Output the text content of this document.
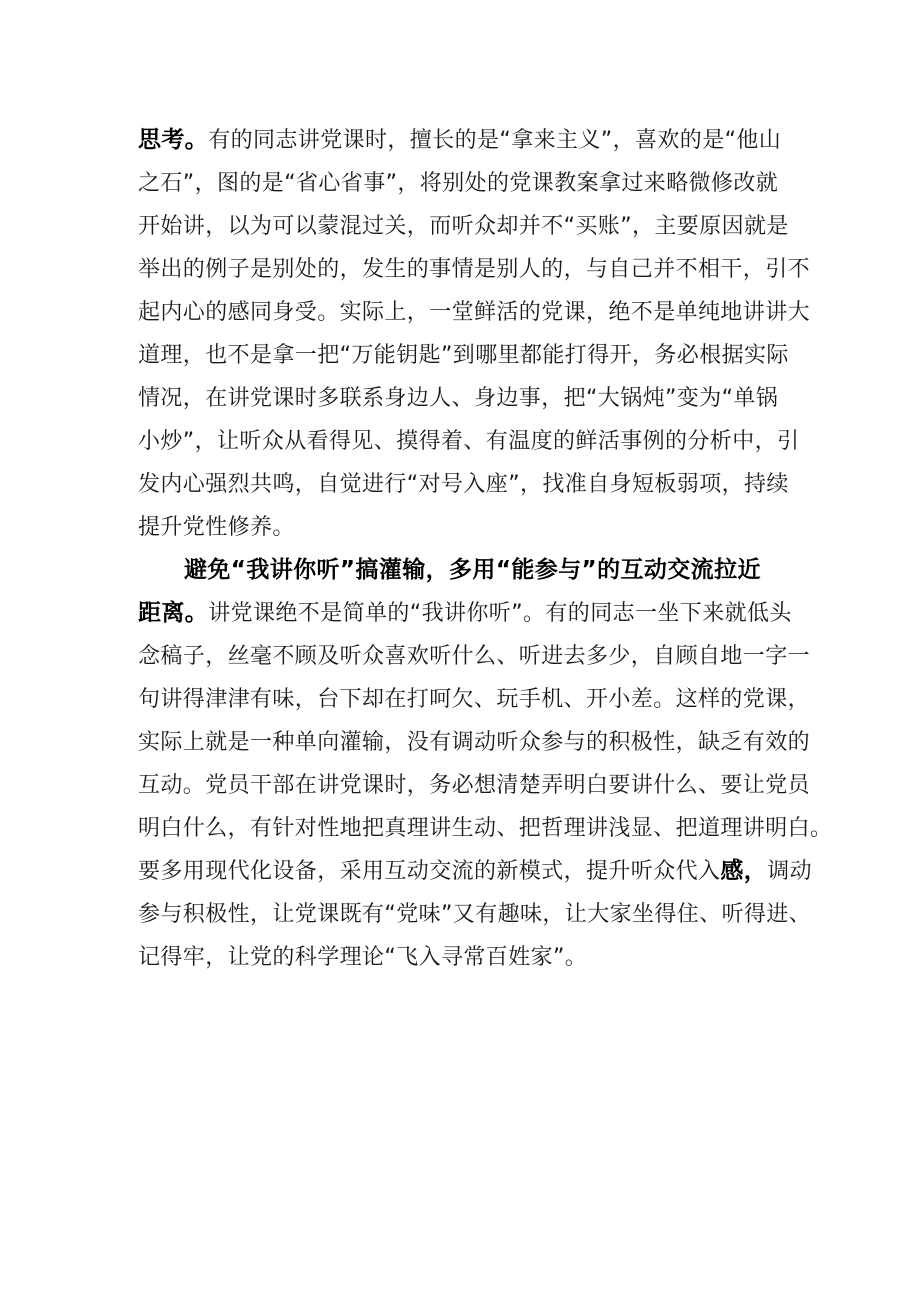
思考。有的同志讲党课时，擅长的是“拿来主义”，喜欢的是“他山
之石”，图的是“省心省事”，将别处的党课教案拿过来略微修改就
开始讲，以为可以蒙混过关，而听众却并不“买账”，主要原因就是
举出的例子是别处的，发生的事情是别人的，与自己并不相干，引不
起内心的感同身受。实际上，一堂鲜活的党课，绝不是单纯地讲讲大
道理，也不是拿一把“万能钥匙”到哪里都能打得开，务必根据实际
情况，在讲党课时多联系身边人、身边事，把“大锅炖”变为“单锅
小炒”，让听众从看得见、摸得着、有温度的鲜活事例的分析中，引
发内心强烈共鸣，自觉进行“对号入座”，找准自身短板弱项，持续
提升党性修养。
避免“我讲你听”搞灌输，多用“能参与”的互动交流拉近
距离。讲党课绝不是简单的“我讲你听”。有的同志一坐下来就低头
念稿子，丝毫不顾及听众喜欢听什么、听进去多少，自顾自地一字一
句讲得津津有味，台下却在打呵欠、玩手机、开小差。这样的党课，
实际上就是一种单向灌输，没有调动听众参与的积极性，缺乏有效的
互动。党员干部在讲党课时，务必想清楚弄明白要讲什么、要让党员
明白什么，有针对性地把真理讲生动、把哲理讲浅显、把道理讲明白。
要多用现代化设备，采用互动交流的新模式，提升听众代入感，调动
参与积极性，让党课既有“党味”又有趣味，让大家坐得住、听得进、
记得牢，让党的科学理论“飞入寻常百姓家”。
